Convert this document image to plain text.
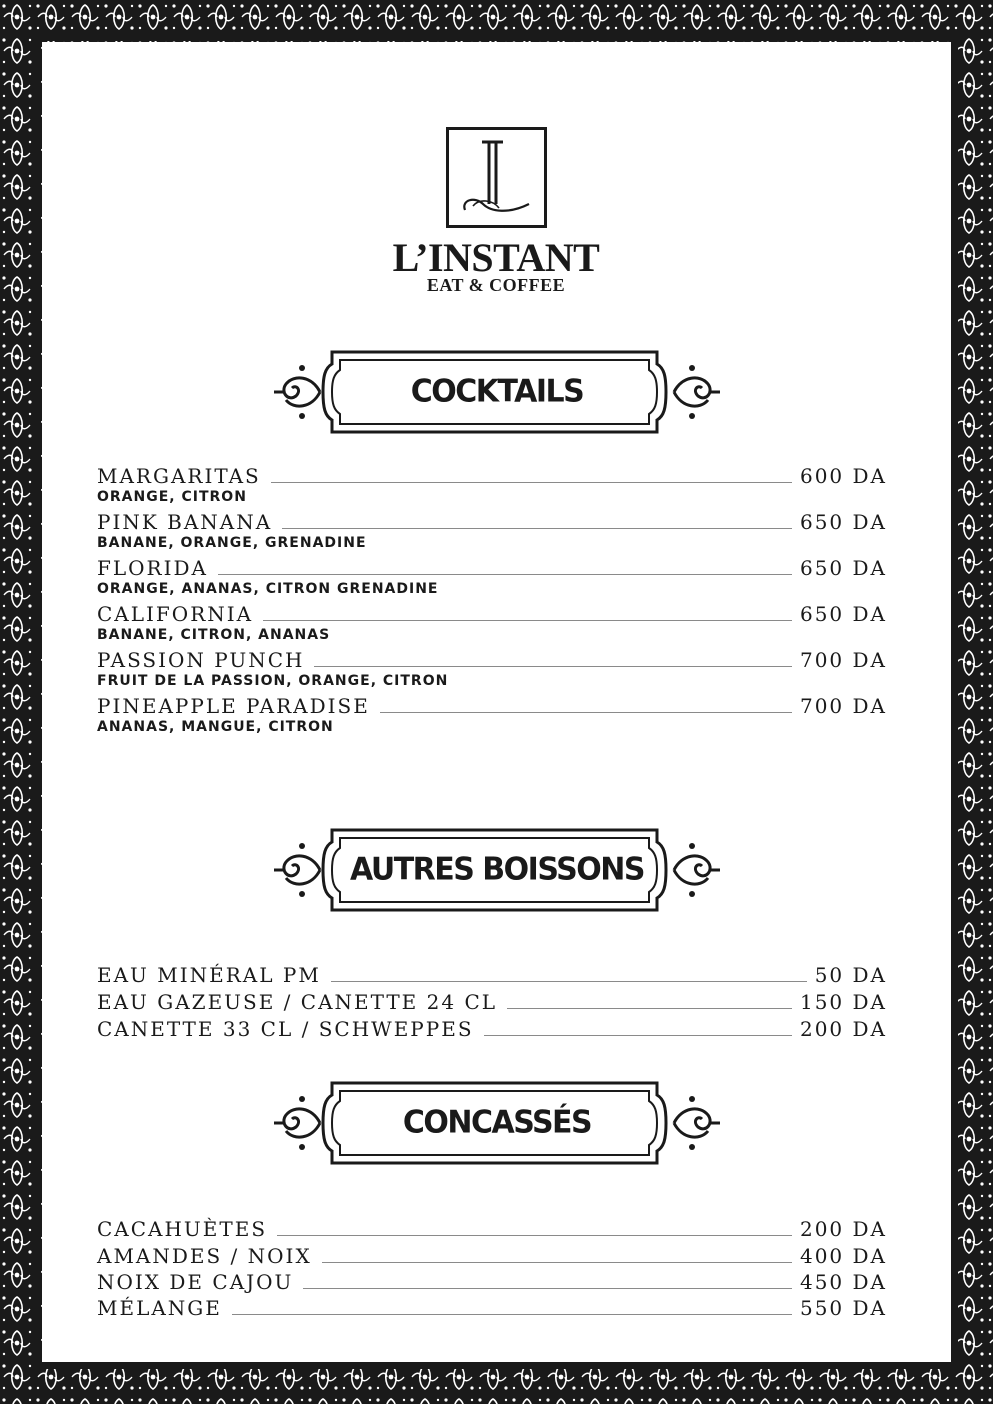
L’INSTANT
EAT & COFFEE
COCKTAILS
MARGARITAS	600 DA
ORANGE, CITRON
PINK BANANA	650 DA
BANANE, ORANGE, GRENADINE
FLORIDA	650 DA
ORANGE, ANANAS, CITRON GRENADINE
CALIFORNIA	650 DA
BANANE, CITRON, ANANAS
PASSION PUNCH	700 DA
FRUIT DE LA PASSION, ORANGE, CITRON
PINEAPPLE PARADISE	700 DA
ANANAS, MANGUE, CITRON
AUTRES BOISSONS
EAU MINÉRAL PM	50 DA
EAU GAZEUSE / CANETTE 24 CL	150 DA
CANETTE 33 CL / SCHWEPPES	200 DA
CONCASSÉS
CACAHUÈTES	200 DA
AMANDES / NOIX	400 DA
NOIX DE CAJOU	450 DA
MÉLANGE	550 DA
